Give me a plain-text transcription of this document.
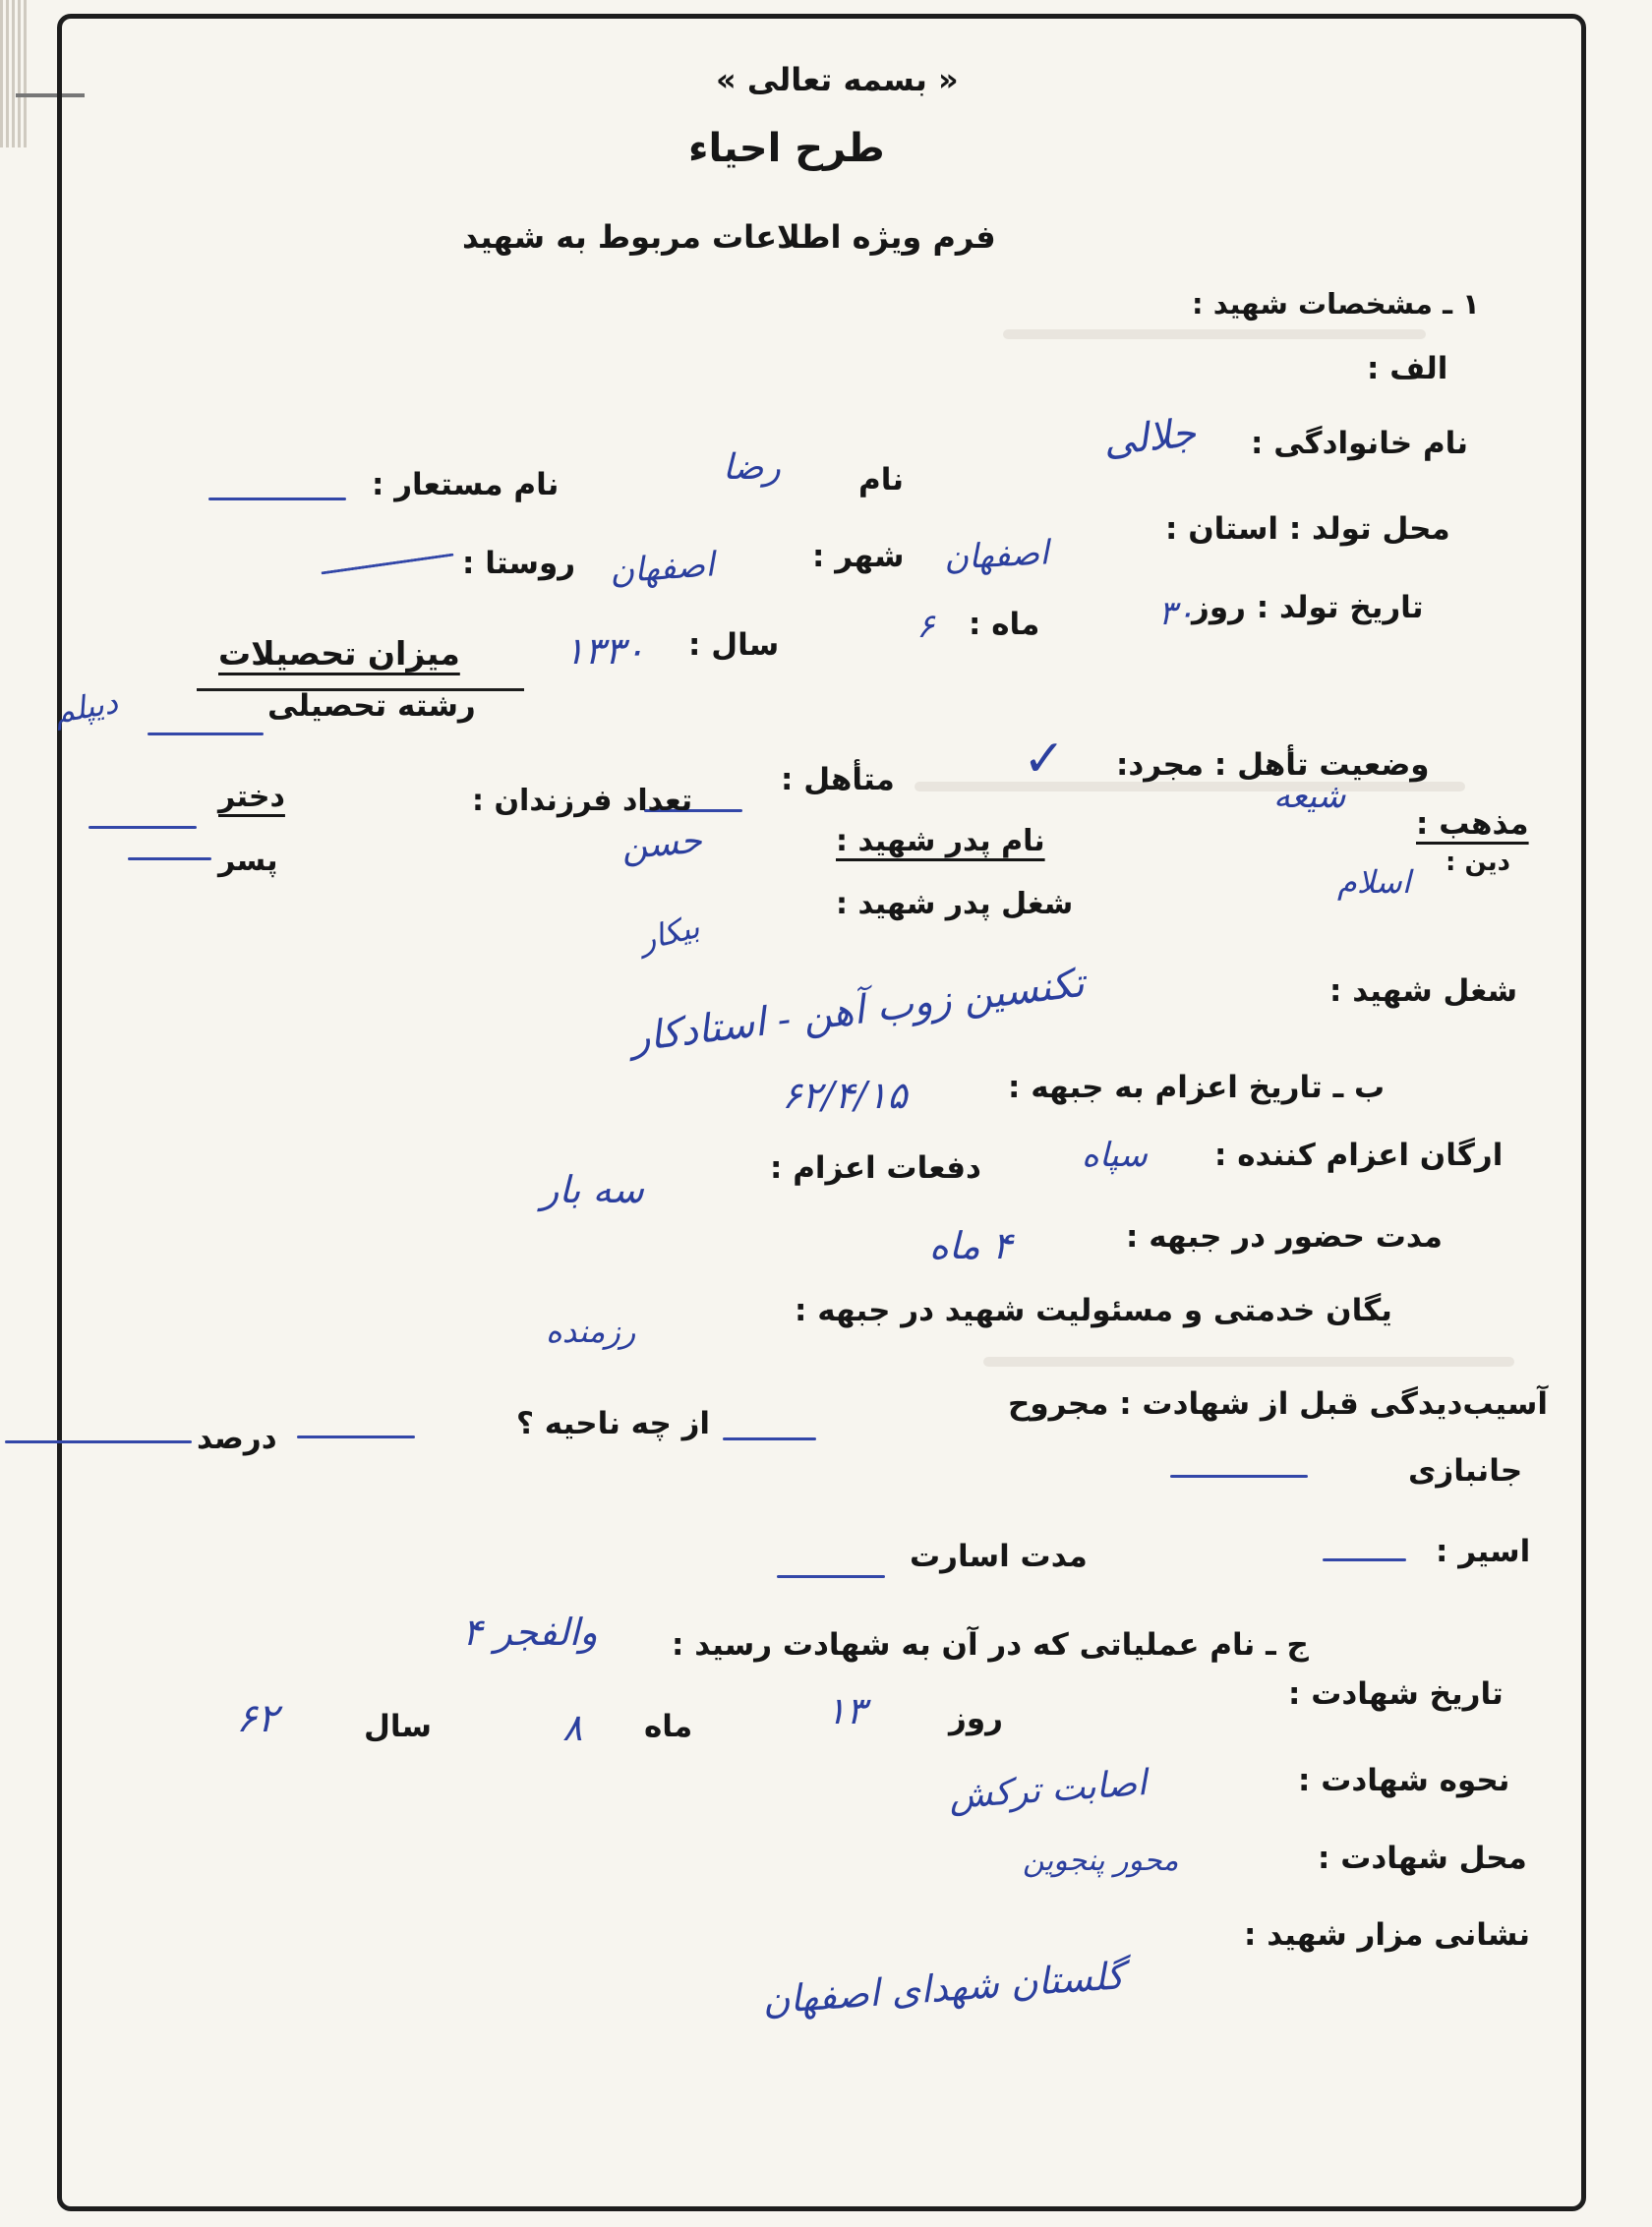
« بسمه تعالی »
طرح احیاء
فرم ویژه اطلاعات مربوط به شهید
۱ ـ مشخصات شهید :
الف :
نام خانوادگی :
جلالی
نام
رضا
نام مستعار :
محل تولد : استان :
اصفهان
شهر :
اصفهان
روستا :
تاریخ تولد : روز
۳۰
ماه :
۶
سال :
۱۳۳۰
میزان تحصیلات
دیپلم	رشته تحصیلی
وضعیت تأهل : مجرد:
✓
متأهل :
تعداد فرزندان :
دختر
پسر
مذهب :
شیعه
دین :
اسلام
نام پدر شهید :
حسن
شغل پدر شهید :
بیکار
شغل شهید :
تکنسین زوب آهن - استادکار
ب ـ تاریخ اعزام به جبهه :
۶۲/۴/۱۵
ارگان اعزام کننده :
سپاه
دفعات اعزام :
سه بار
مدت حضور در جبهه :
۴ ماه
یگان خدمتی و مسئولیت شهید در جبهه :
رزمنده
آسیب‌دیدگی قبل از شهادت : مجروح
از چه ناحیه ؟
درصد
جانبازی
اسیر :
مدت اسارت
ج ـ نام عملیاتی که در آن به شهادت رسید :
والفجر ۴
تاریخ شهادت :
روز
۱۳
ماه
۸
سال
۶۲
نحوه شهادت :
اصابت ترکش
محل شهادت :
محور پنجوین
نشانی مزار شهید :
گلستان شهدای اصفهان
